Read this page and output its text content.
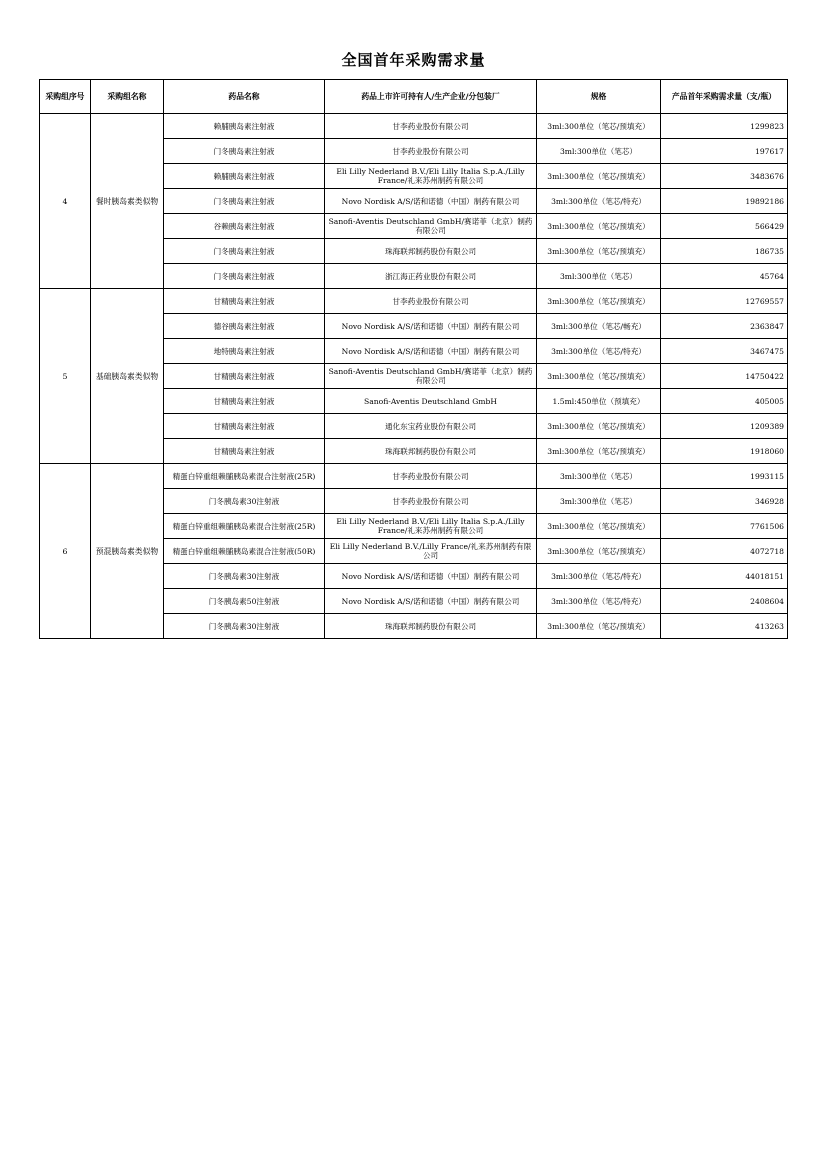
全国首年采购需求量
采购组序号	采购组名称	药品名称	药品上市许可持有人/生产企业/分包装厂	规格	产品首年采购需求量（支/瓶）
4	餐时胰岛素类似物	赖脯胰岛素注射液	甘李药业股份有限公司	3ml:300单位（笔芯/预填充）	1299823
		门冬胰岛素注射液	甘李药业股份有限公司	3ml:300单位（笔芯）	197617
		赖脯胰岛素注射液	Eli Lilly Nederland B.V./Eli Lilly Italia S.p.A./Lilly France/礼来苏州制药有限公司	3ml:300单位（笔芯/预填充）	3483676
		门冬胰岛素注射液	Novo Nordisk A/S/诺和诺德（中国）制药有限公司	3ml:300单位（笔芯/特充）	19892186
		谷赖胰岛素注射液	Sanofi-Aventis Deutschland GmbH/赛诺菲（北京）制药有限公司	3ml:300单位（笔芯/预填充）	566429
		门冬胰岛素注射液	珠海联邦制药股份有限公司	3ml:300单位（笔芯/预填充）	186735
		门冬胰岛素注射液	浙江海正药业股份有限公司	3ml:300单位（笔芯）	45764
5	基础胰岛素类似物	甘精胰岛素注射液	甘李药业股份有限公司	3ml:300单位（笔芯/预填充）	12769557
		德谷胰岛素注射液	Novo Nordisk A/S/诺和诺德（中国）制药有限公司	3ml:300单位（笔芯/畅充）	2363847
		地特胰岛素注射液	Novo Nordisk A/S/诺和诺德（中国）制药有限公司	3ml:300单位（笔芯/特充）	3467475
		甘精胰岛素注射液	Sanofi-Aventis Deutschland GmbH/赛诺菲（北京）制药有限公司	3ml:300单位（笔芯/预填充）	14750422
		甘精胰岛素注射液	Sanofi-Aventis Deutschland GmbH	1.5ml:450单位（预填充）	405005
		甘精胰岛素注射液	通化东宝药业股份有限公司	3ml:300单位（笔芯/预填充）	1209389
		甘精胰岛素注射液	珠海联邦制药股份有限公司	3ml:300单位（笔芯/预填充）	1918060
6	预混胰岛素类似物	精蛋白锌重组赖脯胰岛素混合注射液(25R)	甘李药业股份有限公司	3ml:300单位（笔芯）	1993115
		门冬胰岛素30注射液	甘李药业股份有限公司	3ml:300单位（笔芯）	346928
		精蛋白锌重组赖脯胰岛素混合注射液(25R)	Eli Lilly Nederland B.V./Eli Lilly Italia S.p.A./Lilly France/礼来苏州制药有限公司	3ml:300单位（笔芯/预填充）	7761506
		精蛋白锌重组赖脯胰岛素混合注射液(50R)	Eli Lilly Nederland B.V./Lilly France/礼来苏州制药有限公司	3ml:300单位（笔芯/预填充）	4072718
		门冬胰岛素30注射液	Novo Nordisk A/S/诺和诺德（中国）制药有限公司	3ml:300单位（笔芯/特充）	44018151
		门冬胰岛素50注射液	Novo Nordisk A/S/诺和诺德（中国）制药有限公司	3ml:300单位（笔芯/特充）	2408604
		门冬胰岛素30注射液	珠海联邦制药股份有限公司	3ml:300单位（笔芯/预填充）	413263
